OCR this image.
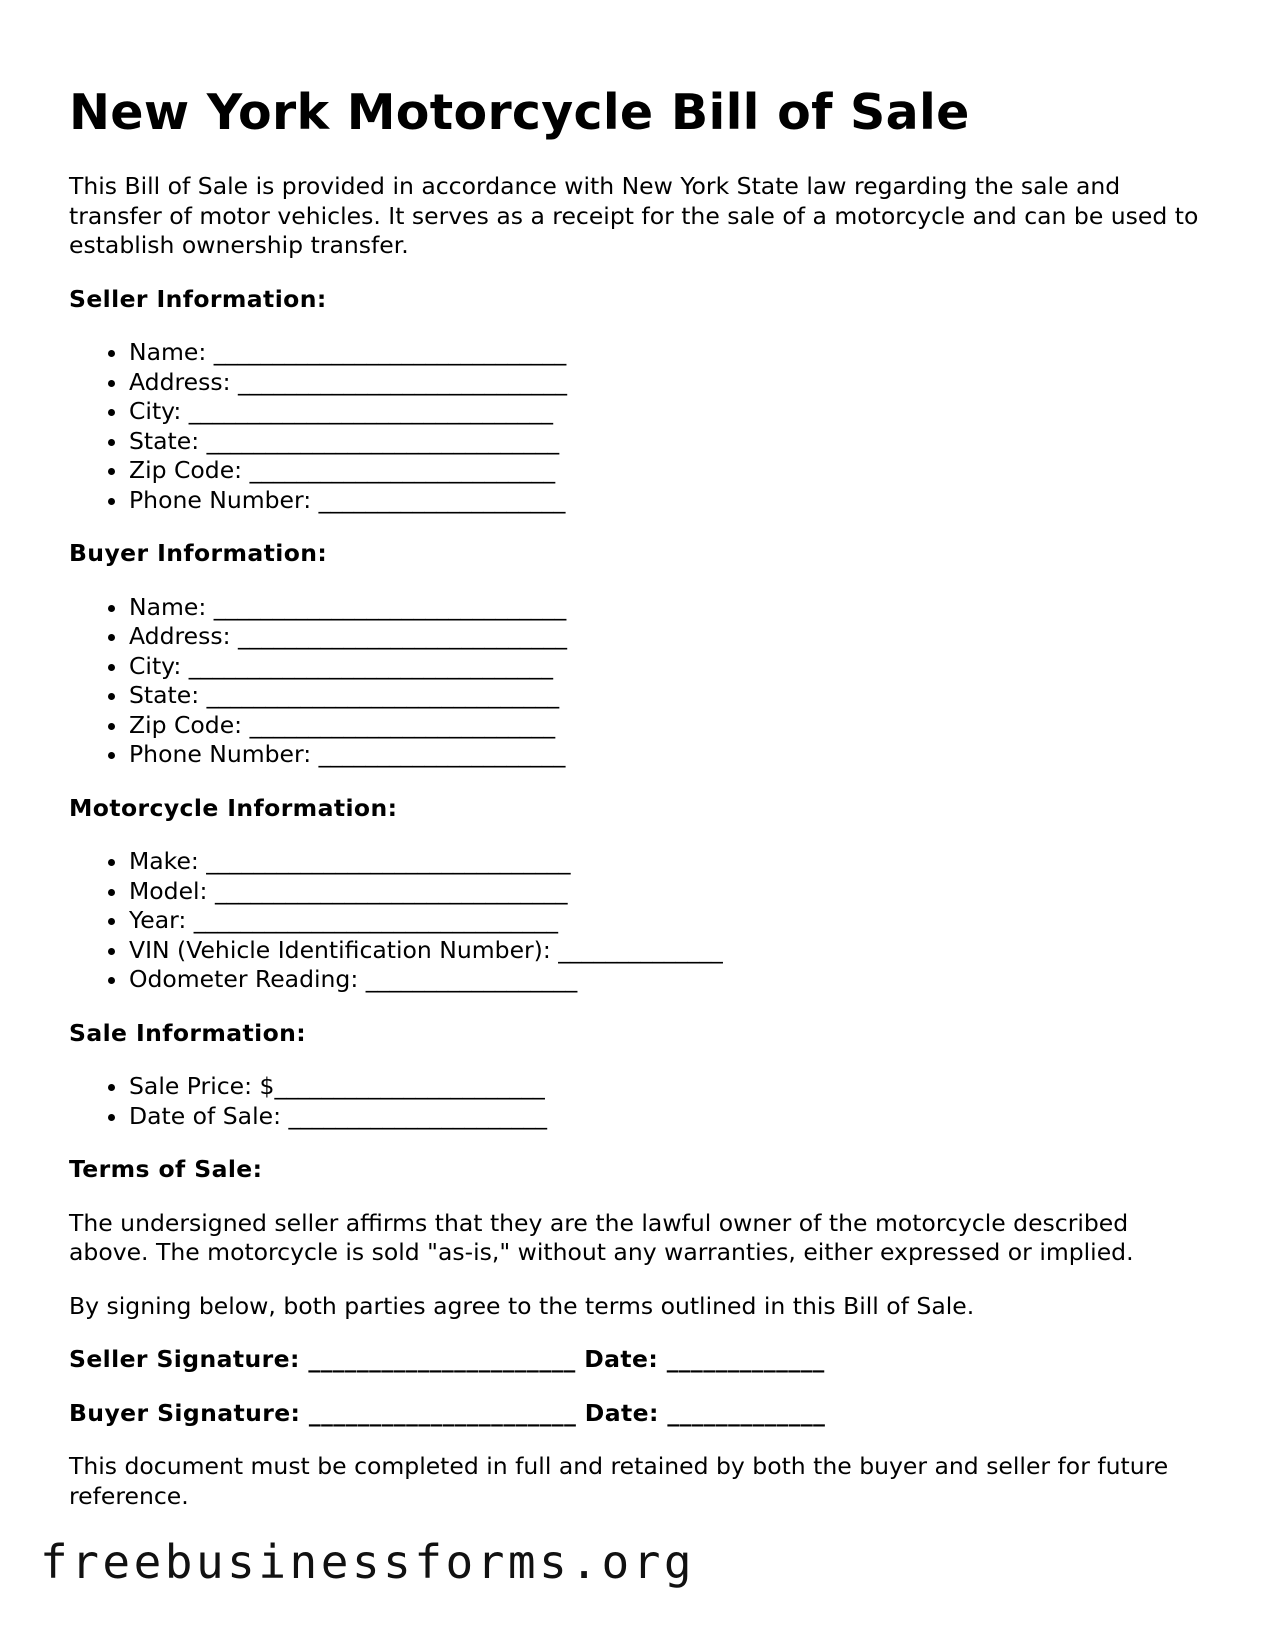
New York Motorcycle Bill of Sale

This Bill of Sale is provided in accordance with New York State law regarding the sale and transfer of motor vehicles. It serves as a receipt for the sale of a motorcycle and can be used to establish ownership transfer.

Seller Information:
• Name: ______________________________
• Address: ____________________________
• City: _______________________________
• State: ______________________________
• Zip Code: __________________________
• Phone Number: _____________________
Buyer Information:
• Name: ______________________________
• Address: ____________________________
• City: _______________________________
• State: ______________________________
• Zip Code: __________________________
• Phone Number: _____________________
Motorcycle Information:
• Make: _______________________________
• Model: ______________________________
• Year: _______________________________
• VIN (Vehicle Identification Number): ______________
• Odometer Reading: __________________
Sale Information:
• Sale Price: $_______________________
• Date of Sale: ______________________
Terms of Sale:

The undersigned seller affirms that they are the lawful owner of the motorcycle described above. The motorcycle is sold "as-is," without any warranties, either expressed or implied.

By signing below, both parties agree to the terms outlined in this Bill of Sale.

Seller Signature: ______________________ Date: _____________
Buyer Signature: ______________________ Date: _____________

This document must be completed in full and retained by both the buyer and seller for future reference.

freebusinessforms.org
